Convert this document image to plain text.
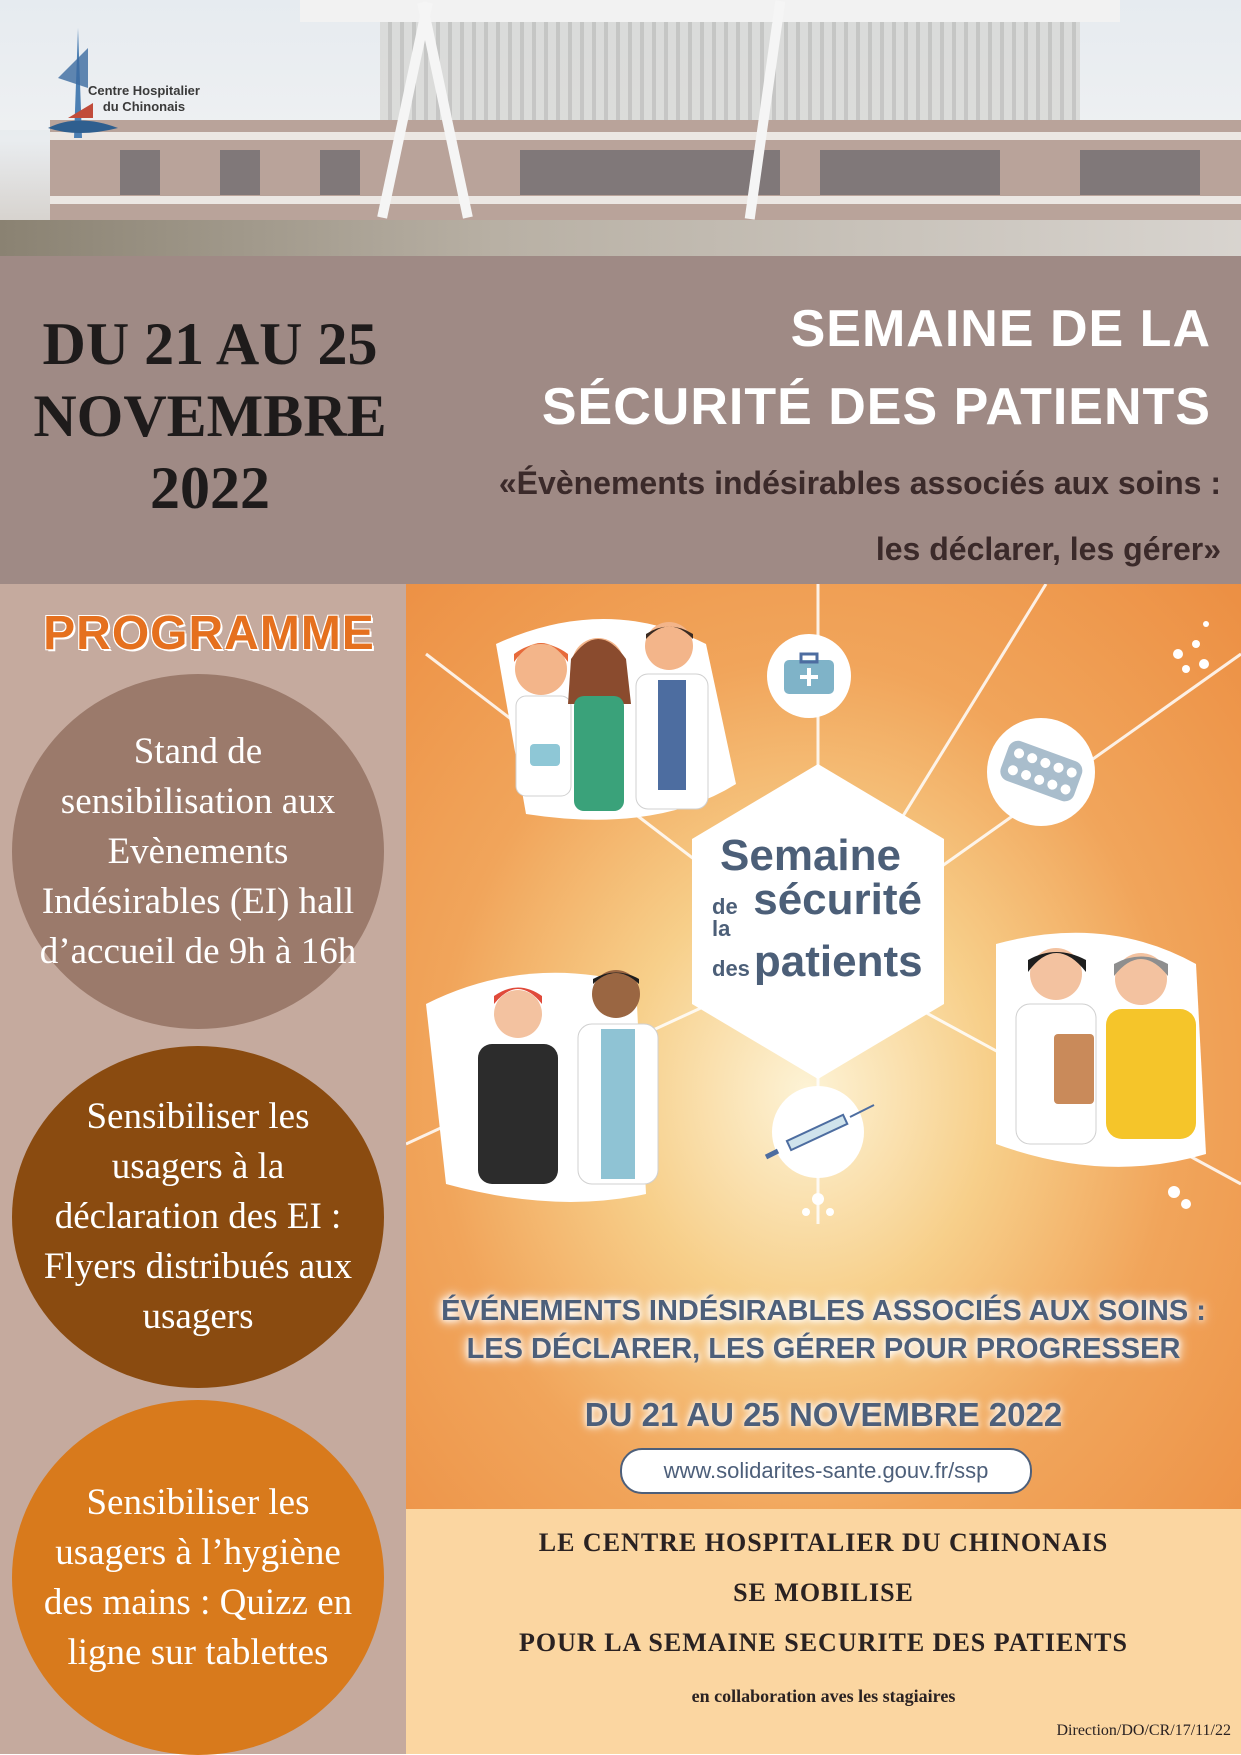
Centre Hospitalier
du Chinonais
DU 21 AU 25
NOVEMBRE
2022
SEMAINE DE LA
SÉCURITÉ DES PATIENTS
«Évènements indésirables associés aux soins :
les déclarer, les gérer»
PROGRAMME
Stand de sensibilisation aux Evènements Indésirables (EI) hall d’accueil de 9h à 16h
Sensibiliser les usagers à la déclaration des EI : Flyers distribués aux usagers
Sensibiliser les usagers à l’hygiène des mains : Quizz en ligne sur tablettes
Semaine
de la
sécurité
des patients
ÉVÉNEMENTS INDÉSIRABLES ASSOCIÉS AUX SOINS :
LES DÉCLARER, LES GÉRER POUR PROGRESSER
DU 21 AU 25 NOVEMBRE 2022
www.solidarites-sante.gouv.fr/ssp
LE CENTRE HOSPITALIER DU CHINONAIS
SE MOBILISE
POUR LA SEMAINE SECURITE DES PATIENTS
en collaboration aves les stagiaires
Direction/DO/CR/17/11/22
